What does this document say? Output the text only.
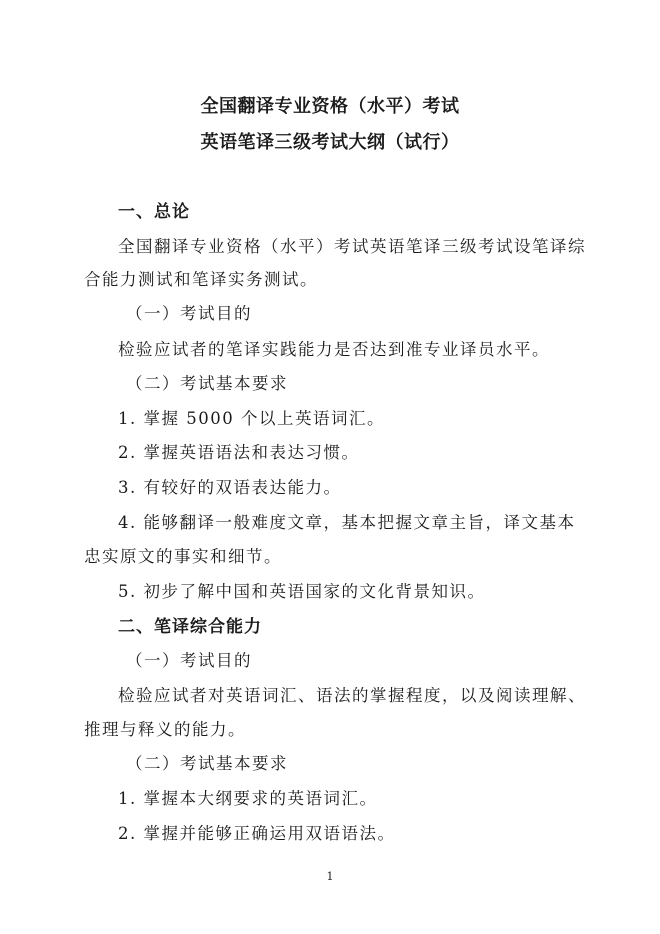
全国翻译专业资格（水平）考试
英语笔译三级考试大纲（试行）
一、总论
全国翻译专业资格（水平）考试英语笔译三级考试设笔译综
合能力测试和笔译实务测试。
（一）考试目的
检验应试者的笔译实践能力是否达到准专业译员水平。
（二）考试基本要求
1. 掌握 5000 个以上英语词汇。
2. 掌握英语语法和表达习惯。
3. 有较好的双语表达能力。
4. 能够翻译一般难度文章，基本把握文章主旨，译文基本
忠实原文的事实和细节。
5. 初步了解中国和英语国家的文化背景知识。
二、笔译综合能力
（一）考试目的
检验应试者对英语词汇、语法的掌握程度，以及阅读理解、
推理与释义的能力。
（二）考试基本要求
1. 掌握本大纲要求的英语词汇。
2. 掌握并能够正确运用双语语法。
1
